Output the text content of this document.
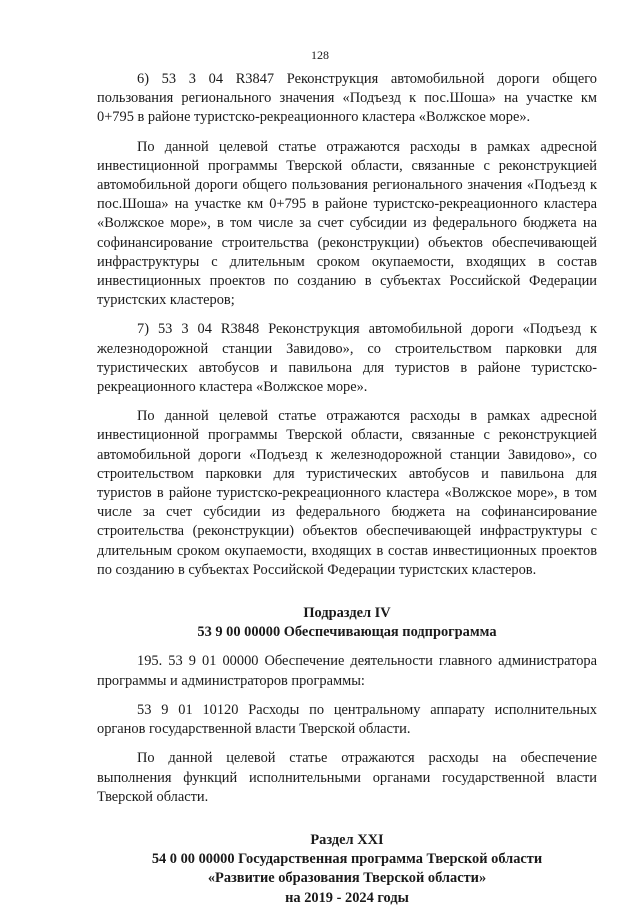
128

6) 53 3 04 R3847 Реконструкция автомобильной дороги общего пользования регионального значения «Подъезд к пос.Шоша» на участке км 0+795 в районе туристско-рекреационного кластера «Волжское море».

По данной целевой статье отражаются расходы в рамках адресной инвестиционной программы Тверской области, связанные с реконструкцией автомобильной дороги общего пользования регионального значения «Подъезд к пос.Шоша» на участке км 0+795 в районе туристско-рекреационного кластера «Волжское море», в том числе за счет субсидии из федерального бюджета на софинансирование строительства (реконструкции) объектов обеспечивающей инфраструктуры с длительным сроком окупаемости, входящих в состав инвестиционных проектов по созданию в субъектах Российской Федерации туристских кластеров;

7) 53 3 04 R3848 Реконструкция автомобильной дороги «Подъезд к железнодорожной станции Завидово», со строительством парковки для туристических автобусов и павильона для туристов в районе туристско-рекреационного кластера «Волжское море».

По данной целевой статье отражаются расходы в рамках адресной инвестиционной программы Тверской области, связанные с реконструкцией автомобильной дороги «Подъезд к железнодорожной станции Завидово», со строительством парковки для туристических автобусов и павильона для туристов в районе туристско-рекреационного кластера «Волжское море», в том числе за счет субсидии из федерального бюджета на софинансирование строительства (реконструкции) объектов обеспечивающей инфраструктуры с длительным сроком окупаемости, входящих в состав инвестиционных проектов по созданию в субъектах Российской Федерации туристских кластеров.

Подраздел IV

53 9 00 00000 Обеспечивающая подпрограмма

195. 53 9 01 00000 Обеспечение деятельности главного администратора программы и администраторов программы:

53 9 01 10120 Расходы по центральному аппарату исполнительных органов государственной власти Тверской области.

По данной целевой статье отражаются расходы на обеспечение выполнения функций исполнительными органами государственной власти Тверской области.

Раздел XXI

54 0 00 00000 Государственная программа Тверской области

«Развитие образования Тверской области»

на 2019 - 2024 годы
